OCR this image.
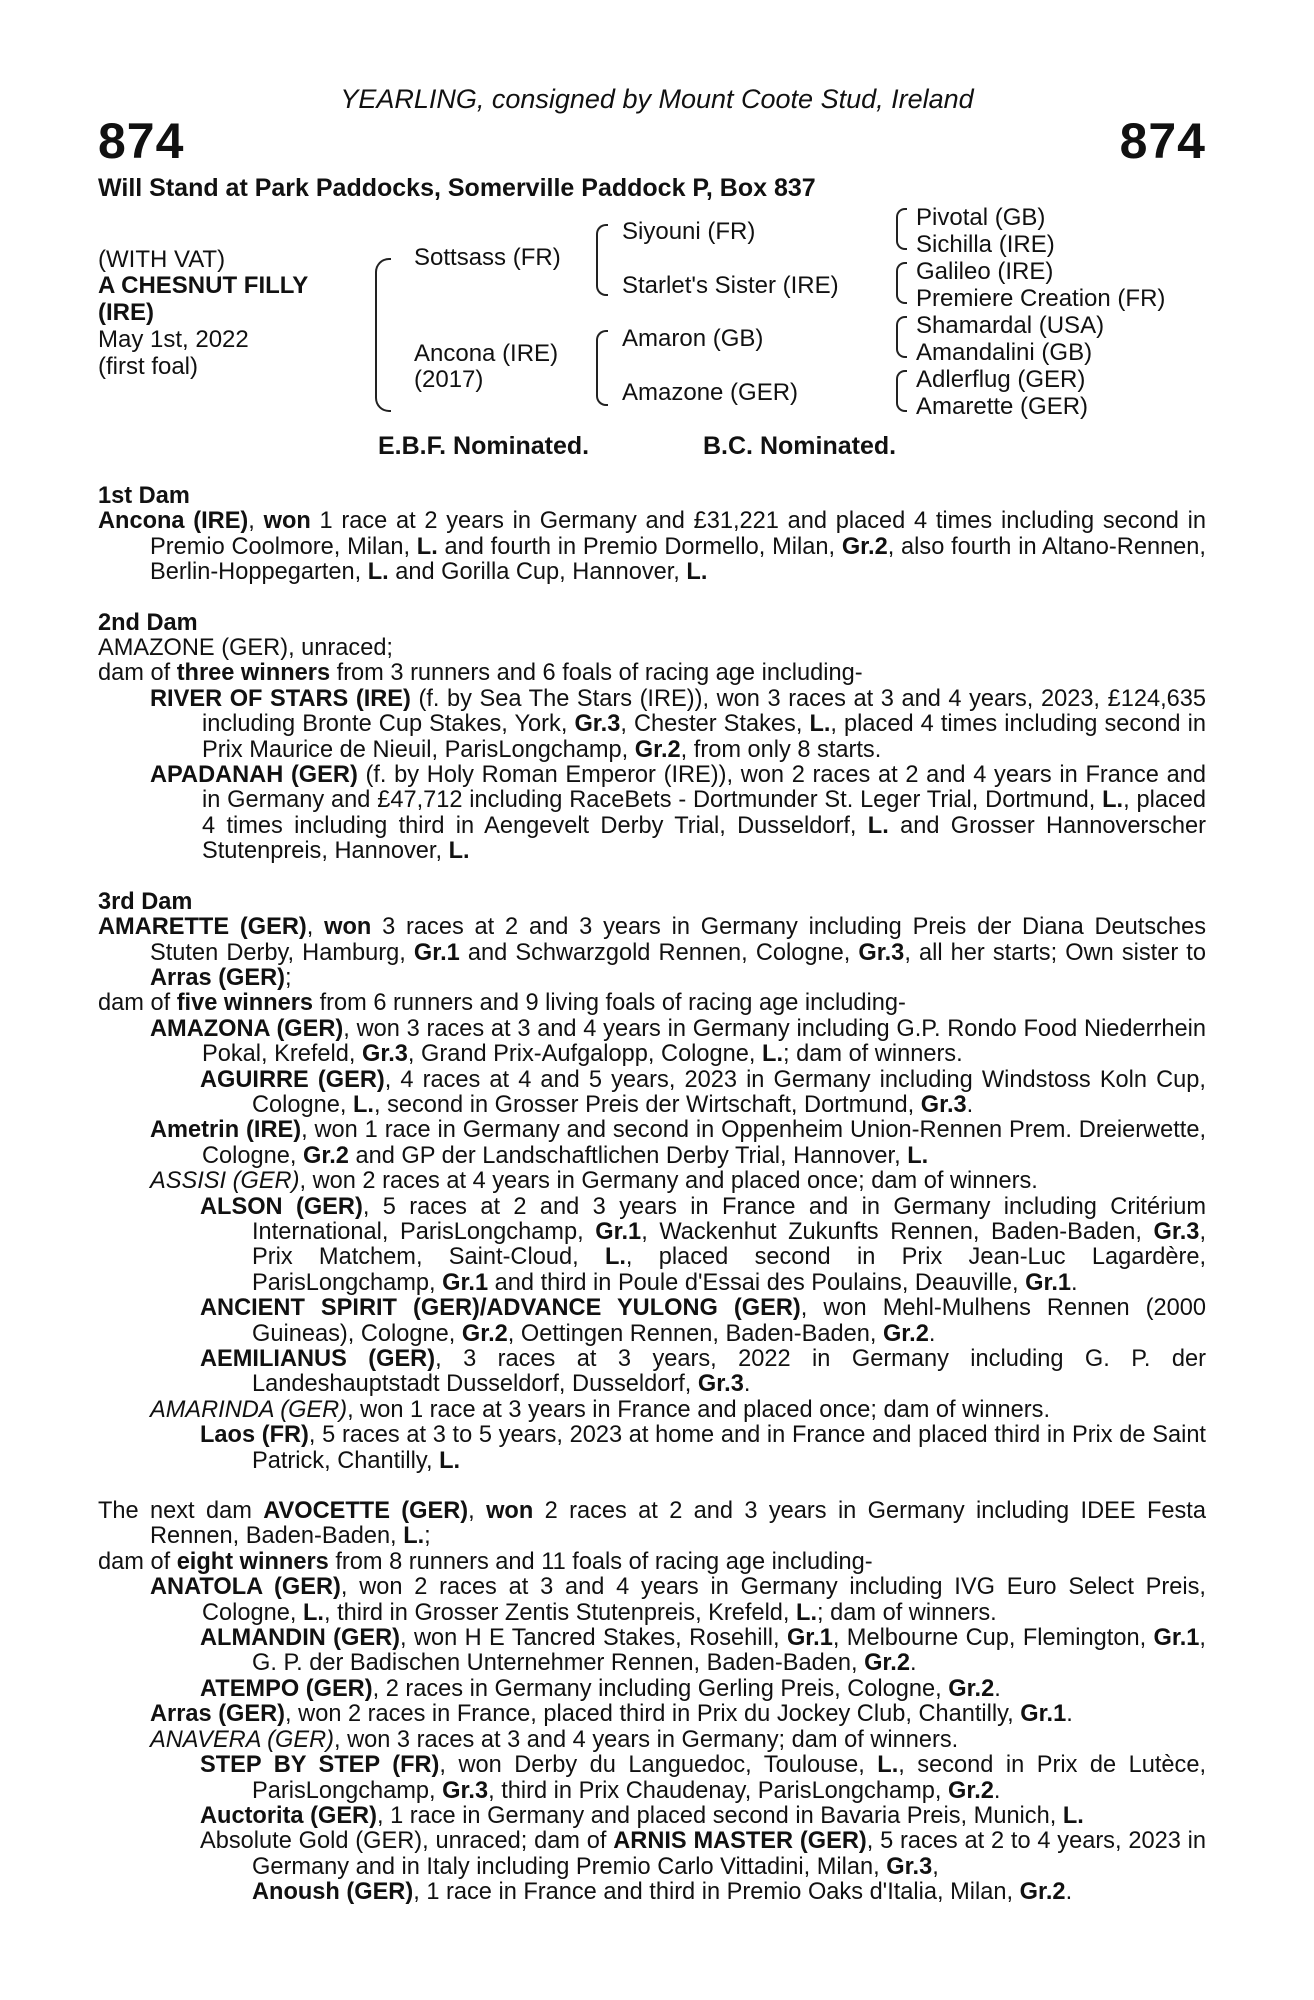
YEARLING, consigned by Mount Coote Stud, Ireland
874	874
Will Stand at Park Paddocks, Somerville Paddock P, Box 837
(WITH VAT)
A CHESNUT FILLY
(IRE)
May 1st, 2022
(first foal)
Sottsass (FR)
Ancona (IRE)
(2017)
Siyouni (FR)
Starlet's Sister (IRE)
Amaron (GB)
Amazone (GER)
Pivotal (GB)
Sichilla (IRE)
Galileo (IRE)
Premiere Creation (FR)
Shamardal (USA)
Amandalini (GB)
Adlerflug (GER)
Amarette (GER)
E.B.F. Nominated.	B.C. Nominated.

1st Dam

Ancona (IRE), won 1 race at 2 years in Germany and £31,221 and placed 4 times including second in Premio Coolmore, Milan, L. and fourth in Premio Dormello, Milan, Gr.2, also fourth in Altano-Rennen, Berlin-Hoppegarten, L. and Gorilla Cup, Hannover, L.

2nd Dam

AMAZONE (GER), unraced;

dam of three winners from 3 runners and 6 foals of racing age including-

RIVER OF STARS (IRE) (f. by Sea The Stars (IRE)), won 3 races at 3 and 4 years, 2023, £124,635 including Bronte Cup Stakes, York, Gr.3, Chester Stakes, L., placed 4 times including second in Prix Maurice de Nieuil, ParisLongchamp, Gr.2, from only 8 starts.

APADANAH (GER) (f. by Holy Roman Emperor (IRE)), won 2 races at 2 and 4 years in France and in Germany and £47,712 including RaceBets - Dortmunder St. Leger Trial, Dortmund, L., placed 4 times including third in Aengevelt Derby Trial, Dusseldorf, L. and Grosser Hannoverscher Stutenpreis, Hannover, L.

3rd Dam

AMARETTE (GER), won 3 races at 2 and 3 years in Germany including Preis der Diana Deutsches Stuten Derby, Hamburg, Gr.1 and Schwarzgold Rennen, Cologne, Gr.3, all her starts; Own sister to Arras (GER);

dam of five winners from 6 runners and 9 living foals of racing age including-

AMAZONA (GER), won 3 races at 3 and 4 years in Germany including G.P. Rondo Food Niederrhein Pokal, Krefeld, Gr.3, Grand Prix-Aufgalopp, Cologne, L.; dam of winners.

AGUIRRE (GER), 4 races at 4 and 5 years, 2023 in Germany including Windstoss Koln Cup, Cologne, L., second in Grosser Preis der Wirtschaft, Dortmund, Gr.3.

Ametrin (IRE), won 1 race in Germany and second in Oppenheim Union-Rennen Prem. Dreierwette, Cologne, Gr.2 and GP der Landschaftlichen Derby Trial, Hannover, L.

ASSISI (GER), won 2 races at 4 years in Germany and placed once; dam of winners.

ALSON (GER), 5 races at 2 and 3 years in France and in Germany including Critérium International, ParisLongchamp, Gr.1, Wackenhut Zukunfts Rennen, Baden-Baden, Gr.3, Prix Matchem, Saint-Cloud, L., placed second in Prix Jean-Luc Lagardère, ParisLongchamp, Gr.1 and third in Poule d'Essai des Poulains, Deauville, Gr.1.

ANCIENT SPIRIT (GER)/ADVANCE YULONG (GER), won Mehl-Mulhens Rennen (2000 Guineas), Cologne, Gr.2, Oettingen Rennen, Baden-Baden, Gr.2.

AEMILIANUS (GER), 3 races at 3 years, 2022 in Germany including G. P. der Landeshauptstadt Dusseldorf, Dusseldorf, Gr.3.

AMARINDA (GER), won 1 race at 3 years in France and placed once; dam of winners.

Laos (FR), 5 races at 3 to 5 years, 2023 at home and in France and placed third in Prix de Saint Patrick, Chantilly, L.

The next dam AVOCETTE (GER), won 2 races at 2 and 3 years in Germany including IDEE Festa Rennen, Baden-Baden, L.;

dam of eight winners from 8 runners and 11 foals of racing age including-

ANATOLA (GER), won 2 races at 3 and 4 years in Germany including IVG Euro Select Preis, Cologne, L., third in Grosser Zentis Stutenpreis, Krefeld, L.; dam of winners.

ALMANDIN (GER), won H E Tancred Stakes, Rosehill, Gr.1, Melbourne Cup, Flemington, Gr.1, G. P. der Badischen Unternehmer Rennen, Baden-Baden, Gr.2.

ATEMPO (GER), 2 races in Germany including Gerling Preis, Cologne, Gr.2.

Arras (GER), won 2 races in France, placed third in Prix du Jockey Club, Chantilly, Gr.1.

ANAVERA (GER), won 3 races at 3 and 4 years in Germany; dam of winners.

STEP BY STEP (FR), won Derby du Languedoc, Toulouse, L., second in Prix de Lutèce, ParisLongchamp, Gr.3, third in Prix Chaudenay, ParisLongchamp, Gr.2.

Auctorita (GER), 1 race in Germany and placed second in Bavaria Preis, Munich, L.

Absolute Gold (GER), unraced; dam of ARNIS MASTER (GER), 5 races at 2 to 4 years, 2023 in Germany and in Italy including Premio Carlo Vittadini, Milan, Gr.3,
Anoush (GER), 1 race in France and third in Premio Oaks d'Italia, Milan, Gr.2.
